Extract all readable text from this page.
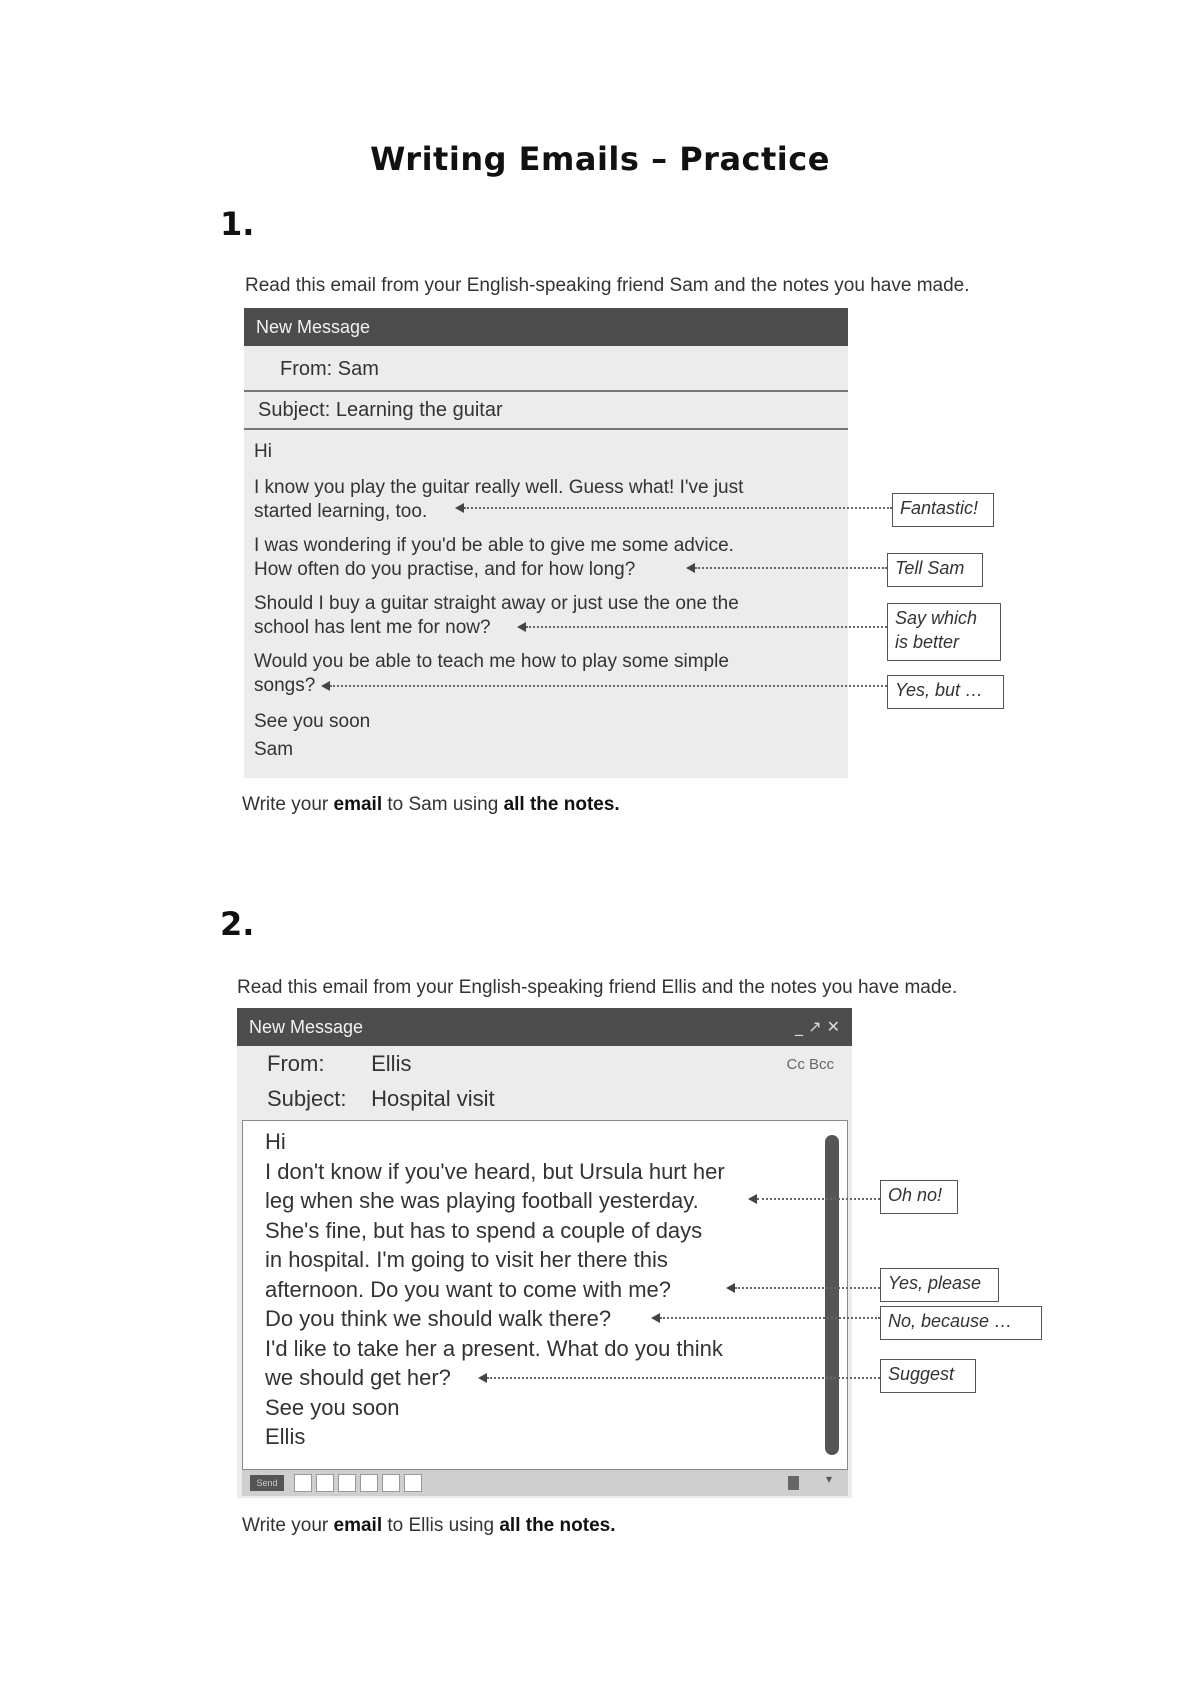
Writing Emails – Practice
1.
Read this email from your English-speaking friend Sam and the notes you have made.
New Message
From: Sam
Subject: Learning the guitar
Hi
I know you play the guitar really well. Guess what! I've just
started learning, too.
I was wondering if you'd be able to give me some advice.
How often do you practise, and for how long?
Should I buy a guitar straight away or just use the one the
school has lent me for now?
Would you be able to teach me how to play some simple
songs?
See you soon
Sam
Fantastic!
Tell Sam
Say which
is better
Yes, but …
Write your email to Sam using all the notes.
2.
Read this email from your English-speaking friend Ellis and the notes you have made.
New Message	_ ↗ ✕
Cc Bcc
From: Ellis
Subject: Hospital visit
Hi
I don't know if you've heard, but Ursula hurt her
leg when she was playing football yesterday.
She's fine, but has to spend a couple of days
in hospital. I'm going to visit her there this
afternoon. Do you want to come with me?
Do you think we should walk there?
I'd like to take her a present. What do you think
we should get her?
See you soon
Ellis
Send	▾
Oh no!
Yes, please
No, because …
Suggest
Write your email to Ellis using all the notes.
